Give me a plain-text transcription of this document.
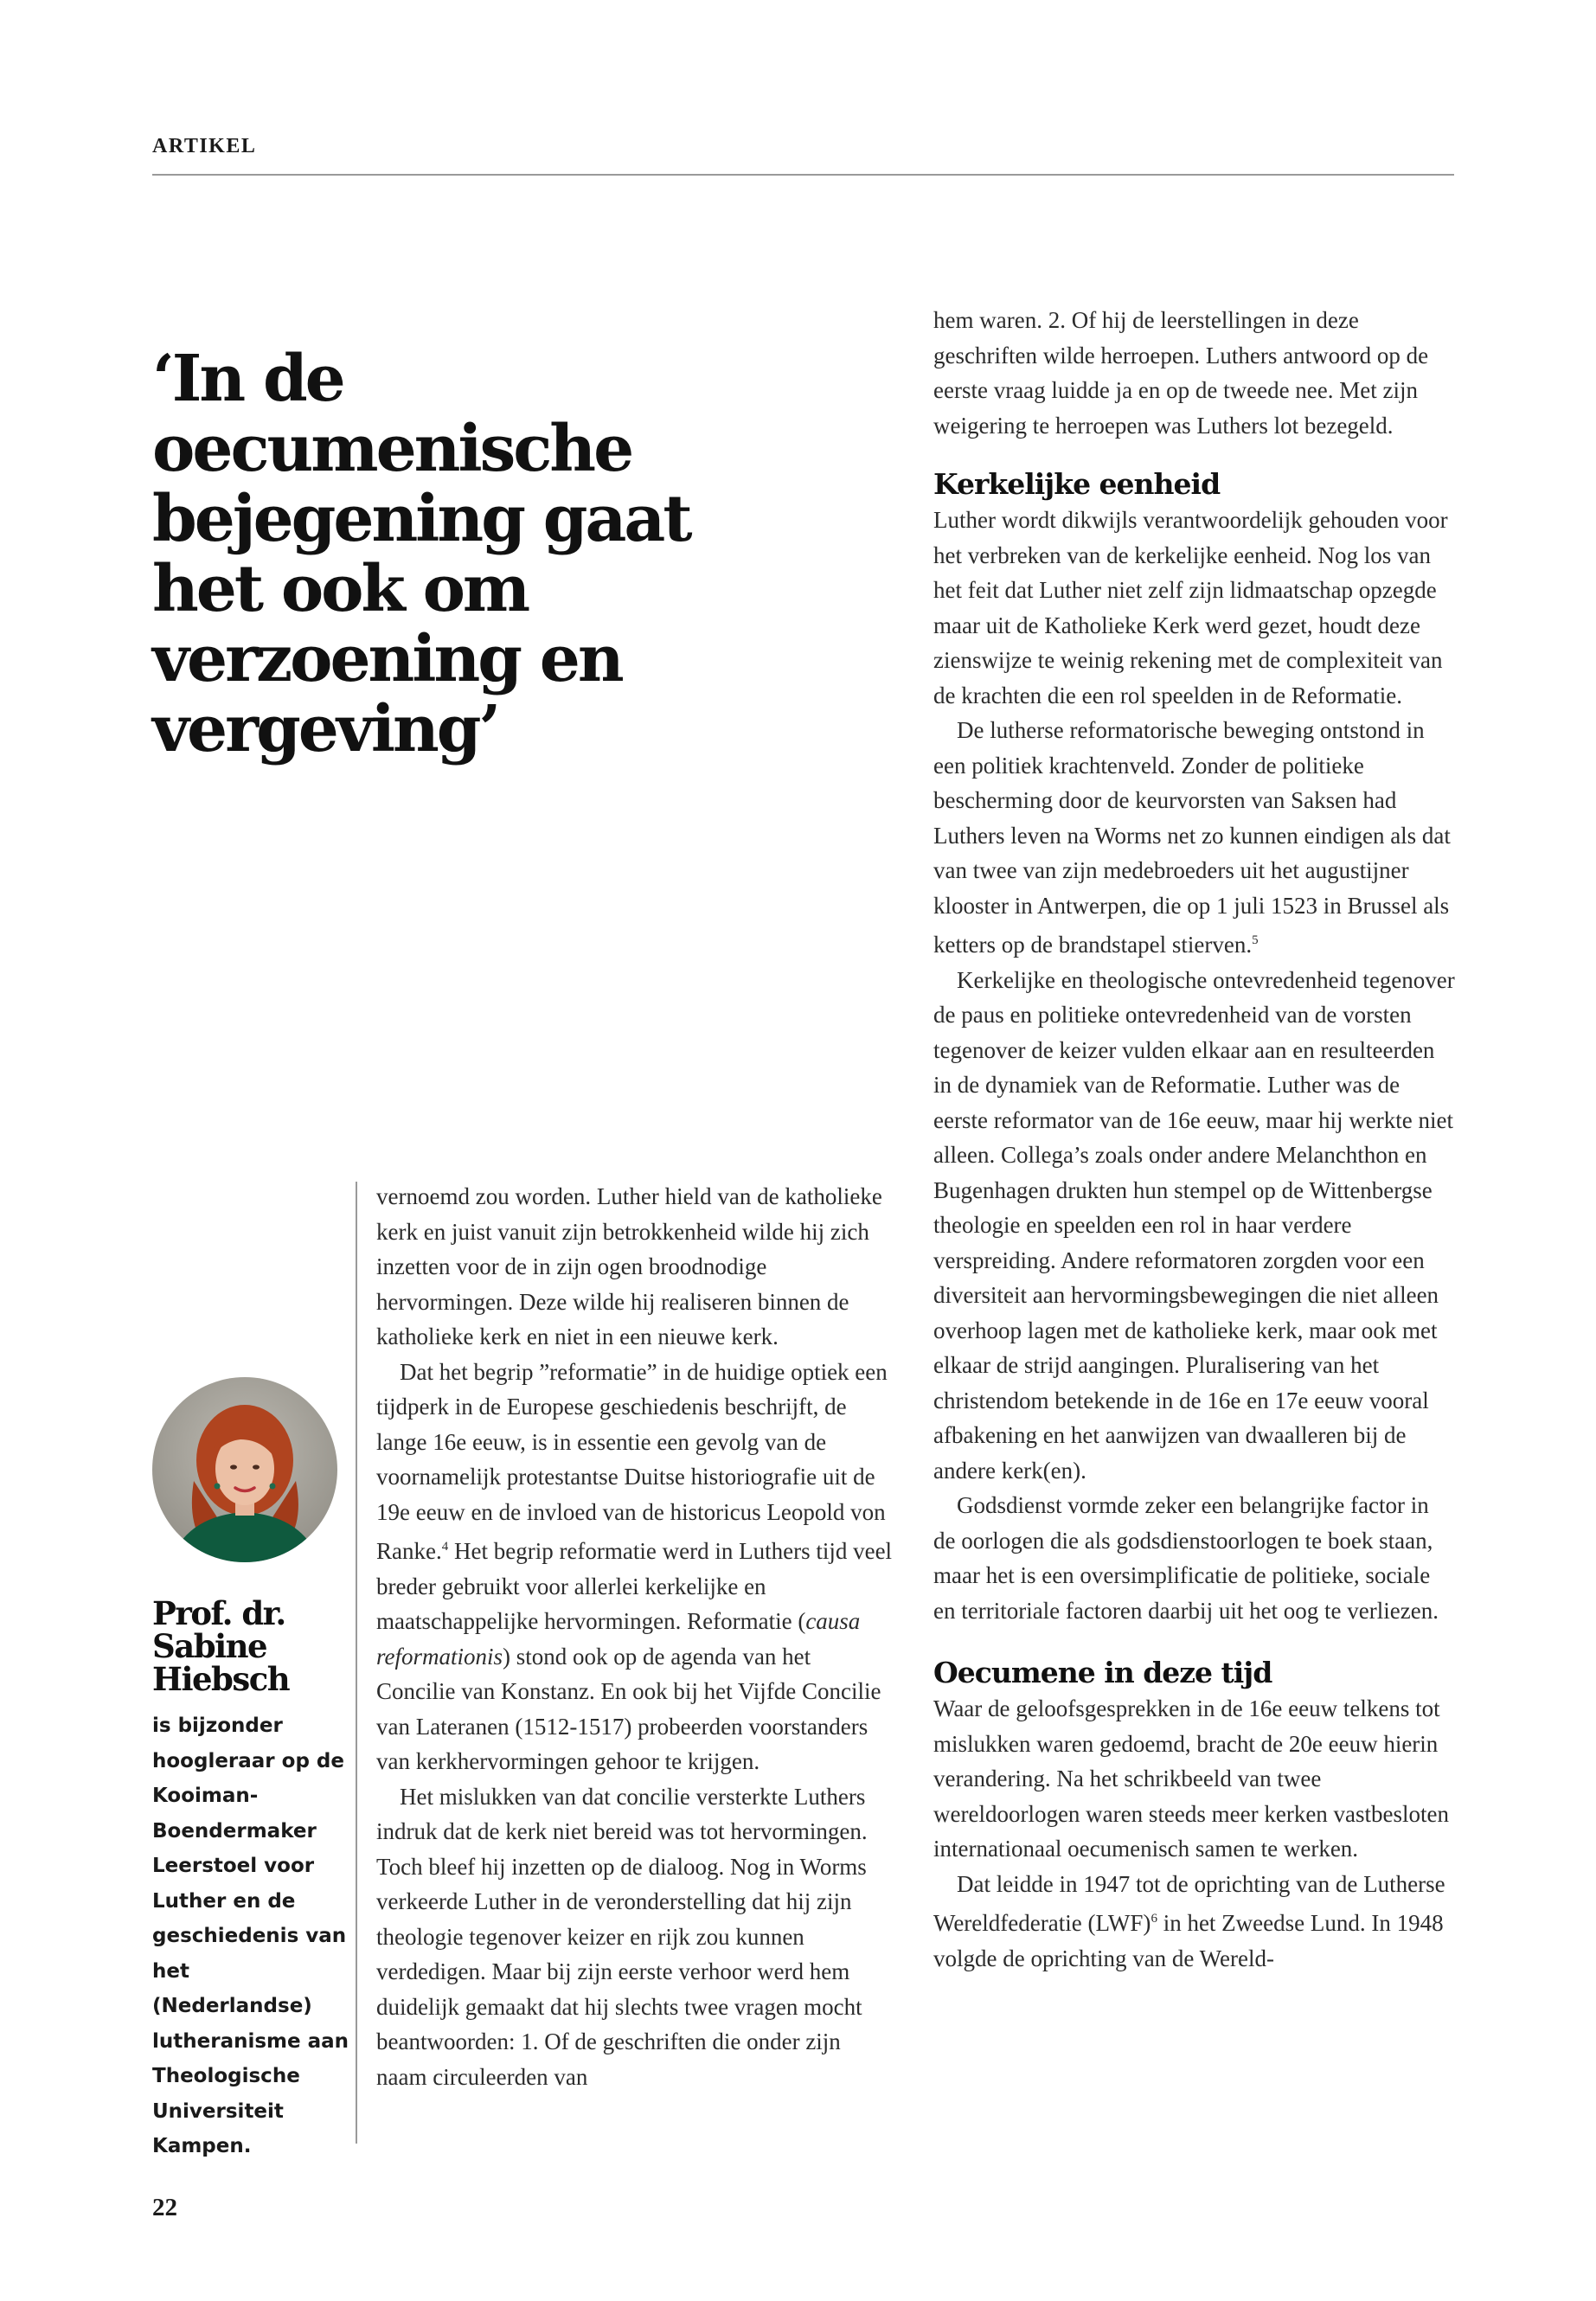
ARTIKEL
‘In de oecumenische bejegening gaat het ook om verzoening en vergeving’
Prof. dr. Sabine Hiebsch

is bijzonder hoogleraar op de Kooiman-Boendermaker Leerstoel voor Luther en de geschiedenis van het (Nederlandse) lutheranisme aan Theologische Universiteit Kampen.

vernoemd zou worden. Luther hield van de katholieke kerk en juist vanuit zijn betrokkenheid wilde hij zich inzetten voor de in zijn ogen broodnodige hervormingen. Deze wilde hij realiseren binnen de katholieke kerk en niet in een nieuwe kerk.

Dat het begrip ”reformatie” in de huidige optiek een tijdperk in de Europese geschiedenis beschrijft, de lange 16e eeuw, is in essentie een gevolg van de voornamelijk protestantse Duitse historiografie uit de 19e eeuw en de invloed van de historicus Leopold von Ranke.$^4$ Het begrip reformatie werd in Luthers tijd veel breder gebruikt voor allerlei kerkelijke en maatschappelijke hervormingen. Reformatie (causa reformationis) stond ook op de agenda van het Concilie van Konstanz. En ook bij het Vijfde Concilie van Lateranen (1512-1517) probeerden voorstanders van kerkhervormingen gehoor te krijgen.

Het mislukken van dat concilie versterkte Luthers indruk dat de kerk niet bereid was tot hervormingen. Toch bleef hij inzetten op de dialoog. Nog in Worms verkeerde Luther in de veronderstelling dat hij zijn theologie tegenover keizer en rijk zou kunnen verdedigen. Maar bij zijn eerste verhoor werd hem duidelijk gemaakt dat hij slechts twee vragen mocht beantwoorden: 1. Of de geschriften die onder zijn naam circuleerden van

hem waren. 2. Of hij de leerstellingen in deze geschriften wilde herroepen. Luthers antwoord op de eerste vraag luidde ja en op de tweede nee. Met zijn weigering te herroepen was Luthers lot bezegeld.

Kerkelijke eenheid

Luther wordt dikwijls verantwoordelijk gehouden voor het verbreken van de kerkelijke eenheid. Nog los van het feit dat Luther niet zelf zijn lidmaatschap opzegde maar uit de Katholieke Kerk werd gezet, houdt deze zienswijze te weinig rekening met de complexiteit van de krachten die een rol speelden in de Reformatie.

De lutherse reformatorische beweging ontstond in een politiek krachtenveld. Zonder de politieke bescherming door de keurvorsten van Saksen had Luthers leven na Worms net zo kunnen eindigen als dat van twee van zijn medebroeders uit het augustijner klooster in Antwerpen, die op 1 juli 1523 in Brussel als ketters op de brandstapel stierven.$^5$

Kerkelijke en theologische ontevredenheid tegenover de paus en politieke ontevredenheid van de vorsten tegenover de keizer vulden elkaar aan en resulteerden in de dynamiek van de Reformatie. Luther was de eerste reformator van de 16e eeuw, maar hij werkte niet alleen. Collega’s zoals onder andere Melanchthon en Bugenhagen drukten hun stempel op de Wittenbergse theologie en speelden een rol in haar verdere verspreiding. Andere reformatoren zorgden voor een diversiteit aan hervormingsbewegingen die niet alleen overhoop lagen met de katholieke kerk, maar ook met elkaar de strijd aangingen. Pluralisering van het christendom betekende in de 16e en 17e eeuw vooral afbakening en het aanwijzen van dwaalleren bij de andere kerk(en).

Godsdienst vormde zeker een belangrijke factor in de oorlogen die als godsdienstoorlogen te boek staan, maar het is een oversimplificatie de politieke, sociale en territoriale factoren daarbij uit het oog te verliezen.

Oecumene in deze tijd

Waar de geloofsgesprekken in de 16e eeuw telkens tot mislukken waren gedoemd, bracht de 20e eeuw hierin verandering. Na het schrikbeeld van twee wereldoorlogen waren steeds meer kerken vastbesloten internationaal oecumenisch samen te werken.

Dat leidde in 1947 tot de oprichting van de Lutherse Wereldfederatie (LWF)$^6$ in het Zweedse Lund. In 1948 volgde de oprichting van de Wereld-

22
